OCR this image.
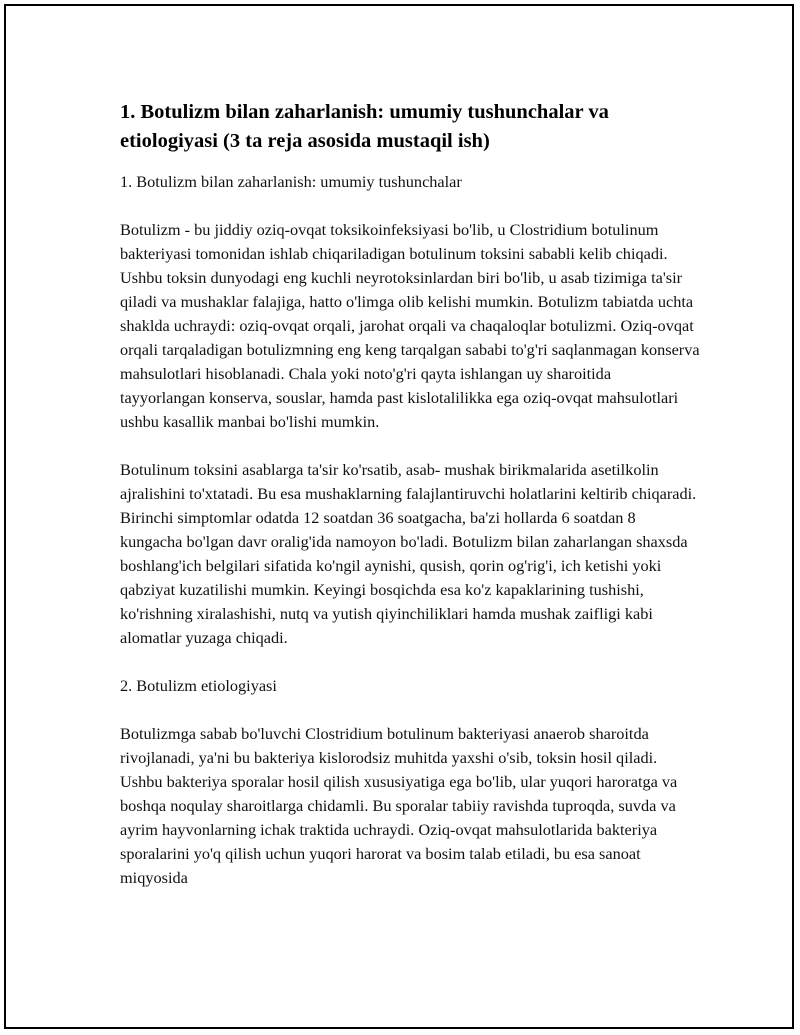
1. Botulizm bilan zaharlanish: umumiy tushunchalar va etiologiyasi (3 ta reja asosida mustaqil ish)
1. Botulizm bilan zaharlanish: umumiy tushunchalar

Botulizm - bu jiddiy oziq-ovqat toksikoinfeksiyasi bo'lib, u Clostridium botulinum bakteriyasi tomonidan ishlab chiqariladigan botulinum toksini sababli kelib chiqadi. Ushbu toksin dunyodagi eng kuchli neyrotoksinlardan biri bo'lib, u asab tizimiga ta'sir qiladi va mushaklar falajiga, hatto o'limga olib kelishi mumkin. Botulizm tabiatda uchta shaklda uchraydi: oziq-ovqat orqali, jarohat orqali va chaqaloqlar botulizmi. Oziq-ovqat orqali tarqaladigan botulizmning eng keng tarqalgan sababi to'g'ri saqlanmagan konserva mahsulotlari hisoblanadi. Chala yoki noto'g'ri qayta ishlangan uy sharoitida tayyorlangan konserva, souslar, hamda past kislotalilikka ega oziq-ovqat mahsulotlari ushbu kasallik manbai bo'lishi mumkin.

Botulinum toksini asablarga ta'sir ko'rsatib, asab- mushak birikmalarida asetilkolin ajralishini to'xtatadi. Bu esa mushaklarning falajlantiruvchi holatlarini keltirib chiqaradi. Birinchi simptomlar odatda 12 soatdan 36 soatgacha, ba'zi hollarda 6 soatdan 8 kungacha bo'lgan davr oralig'ida namoyon bo'ladi. Botulizm bilan zaharlangan shaxsda boshlang'ich belgilari sifatida ko'ngil aynishi, qusish, qorin og'rig'i, ich ketishi yoki qabziyat kuzatilishi mumkin. Keyingi bosqichda esa ko'z kapaklarining tushishi, ko'rishning xiralashishi, nutq va yutish qiyinchiliklari hamda mushak zaifligi kabi alomatlar yuzaga chiqadi.

2. Botulizm etiologiyasi

Botulizmga sabab bo'luvchi Clostridium botulinum bakteriyasi anaerob sharoitda rivojlanadi, ya'ni bu bakteriya kislorodsiz muhitda yaxshi o'sib, toksin hosil qiladi. Ushbu bakteriya sporalar hosil qilish xususiyatiga ega bo'lib, ular yuqori haroratga va boshqa noqulay sharoitlarga chidamli. Bu sporalar tabiiy ravishda tuproqda, suvda va ayrim hayvonlarning ichak traktida uchraydi. Oziq-ovqat mahsulotlarida bakteriya sporalarini yo'q qilish uchun yuqori harorat va bosim talab etiladi, bu esa sanoat miqyosida
